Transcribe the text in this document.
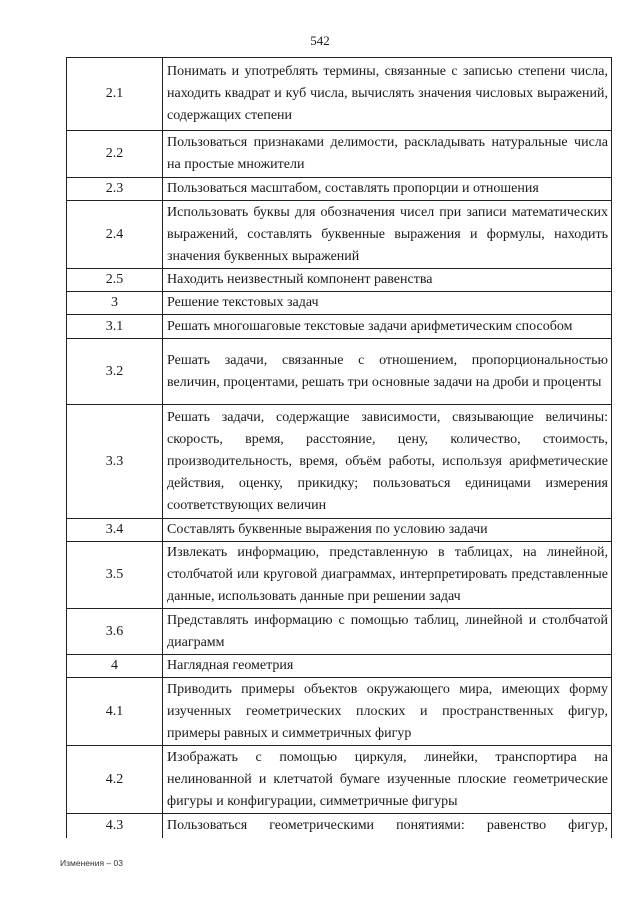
542
2.1	Понимать и употреблять термины, связанные с записью степени числа, находить квадрат и куб числа, вычислять значения числовых выражений, содержащих степени
2.2	Пользоваться признаками делимости, раскладывать натуральные числа на простые множители
2.3	Пользоваться масштабом, составлять пропорции и отношения
2.4	Использовать буквы для обозначения чисел при записи математических выражений, составлять буквенные выражения и формулы, находить значения буквенных выражений
2.5	Находить неизвестный компонент равенства
3	Решение текстовых задач
3.1	Решать многошаговые текстовые задачи арифметическим способом
3.2	Решать задачи, связанные с отношением, пропорциональностью величин, процентами, решать три основные задачи на дроби и проценты
3.3	Решать задачи, содержащие зависимости, связывающие величины: скорость, время, расстояние, цену, количество, стоимость, производительность, время, объём работы, используя арифметические действия, оценку, прикидку; пользоваться единицами измерения соответствующих величин
3.4	Составлять буквенные выражения по условию задачи
3.5	Извлекать информацию, представленную в таблицах, на линейной, столбчатой или круговой диаграммах, интерпретировать представленные данные, использовать данные при решении задач
3.6	Представлять информацию с помощью таблиц, линейной и столбчатой диаграмм
4	Наглядная геометрия
4.1	Приводить примеры объектов окружающего мира, имеющих форму изученных геометрических плоских и пространственных фигур, примеры равных и симметричных фигур
4.2	Изображать с помощью циркуля, линейки, транспортира на нелинованной и клетчатой бумаге изученные плоские геометрические фигуры и конфигурации, симметричные фигуры
4.3	Пользоваться геометрическими понятиями: равенство фигур,
Изменения – 03
